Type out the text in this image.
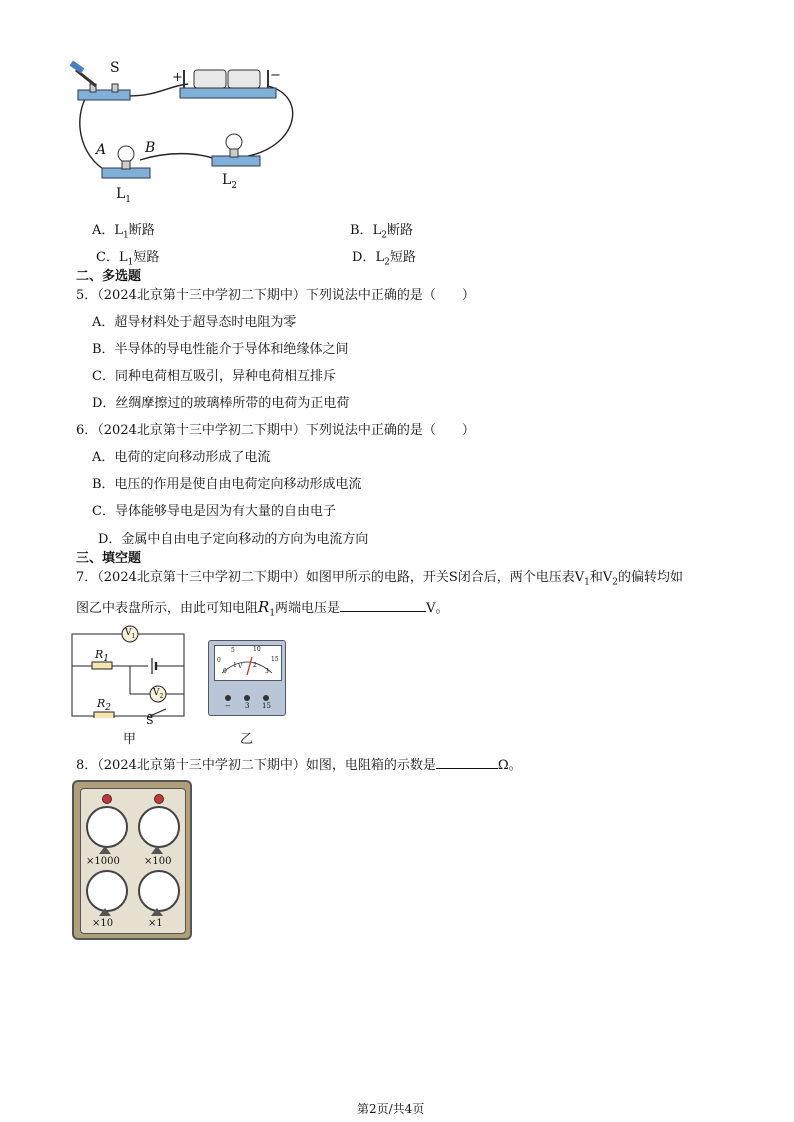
S
+	−
A	B
$L_1$
$L_2$
A．$L_1$断路	B．$L_2$断路
C．$L_1$短路	D．$L_2$短路
二、多选题
5．（2024北京第十三中学初二下期中）下列说法中正确的是（　　）
A．超导材料处于超导态时电阻为零
B．半导体的导电性能介于导体和绝缘体之间
C．同种电荷相互吸引，异种电荷相互排斥
D．丝绸摩擦过的玻璃棒所带的电荷为正电荷
6．（2024北京第十三中学初二下期中）下列说法中正确的是（　　）
A．电荷的定向移动形成了电流
B．电压的作用是使自由电荷定向移动形成电流
C．导体能够导电是因为有大量的自由电子
D．金属中自由电子定向移动的方向为电流方向
三、填空题
7．（2024北京第十三中学初二下期中）如图甲所示的电路，开关S闭合后，两个电压表$V_1$和$V_2$的偏转均如
图乙中表盘所示，由此可知电阻$R_1$两端电压是	V。
$V_1$
$V_2$
$R_1$
$R_2$
S
甲
0
5	10
15
0
1	2
3
V
− 3 15
乙
8．（2024北京第十三中学初二下期中）如图，电阻箱的示数是	Ω。
×1000 ×100
×10	×1
第2页/共4页
